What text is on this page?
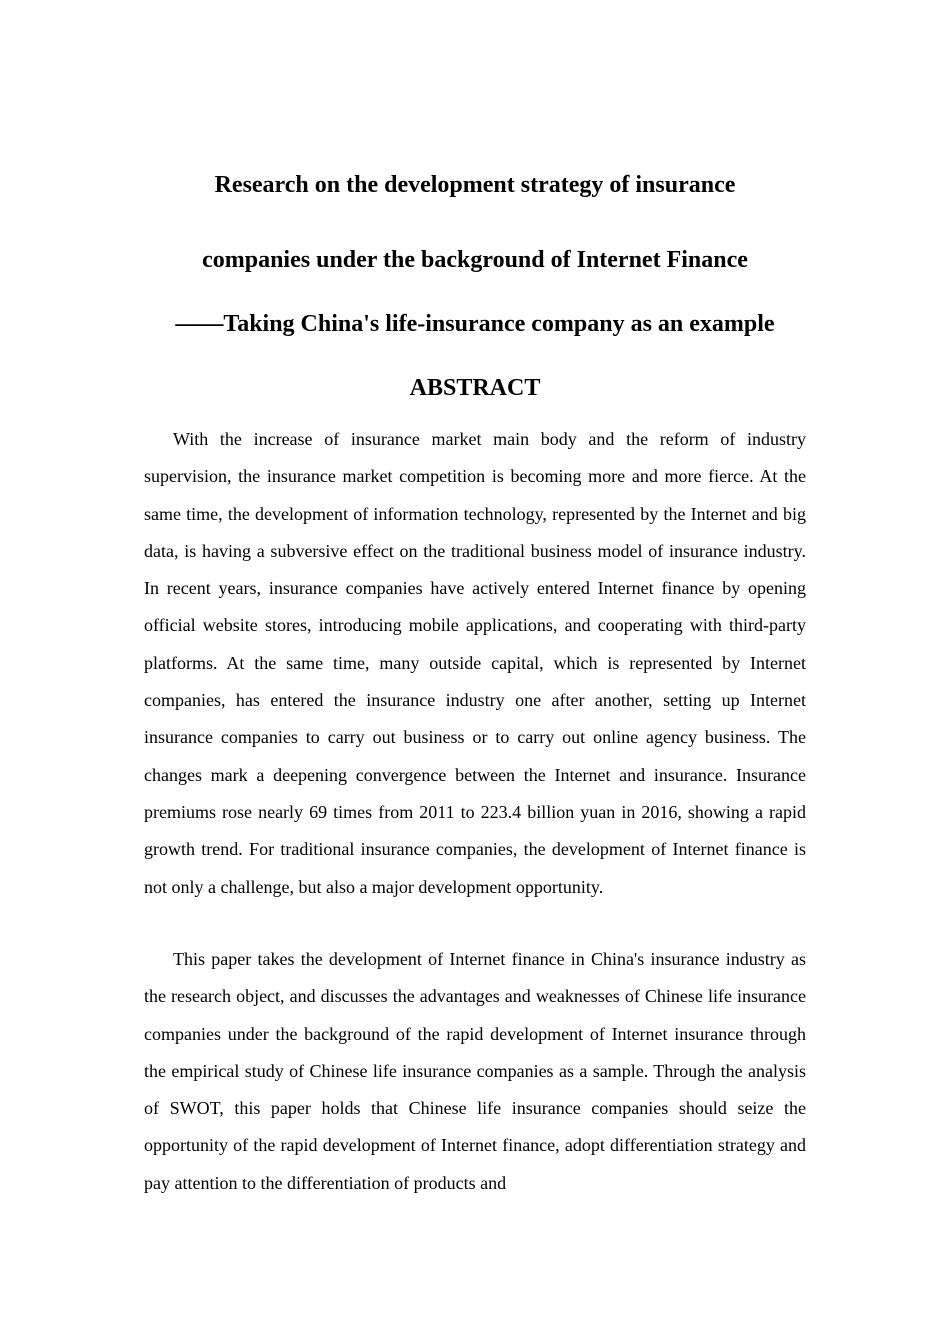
Research on the development strategy of insurance
companies under the background of Internet Finance
——Taking China's life-insurance company as an example
ABSTRACT

With the increase of insurance market main body and the reform of industry supervision, the insurance market competition is becoming more and more fierce. At the same time, the development of information technology, represented by the Internet and big data, is having a subversive effect on the traditional business model of insurance industry. In recent years, insurance companies have actively entered Internet finance by opening official website stores, introducing mobile applications, and cooperating with third-party platforms. At the same time, many outside capital, which is represented by Internet companies, has entered the insurance industry one after another, setting up Internet insurance companies to carry out business or to carry out online agency business. The changes mark a deepening convergence between the Internet and insurance. Insurance premiums rose nearly 69 times from 2011 to 223.4 billion yuan in 2016, showing a rapid growth trend. For traditional insurance companies, the development of Internet finance is not only a challenge, but also a major development opportunity.

This paper takes the development of Internet finance in China's insurance industry as the research object, and discusses the advantages and weaknesses of Chinese life insurance companies under the background of the rapid development of Internet insurance through the empirical study of Chinese life insurance companies as a sample. Through the analysis of SWOT, this paper holds that Chinese life insurance companies should seize the opportunity of the rapid development of Internet finance, adopt differentiation strategy and pay attention to the differentiation of products and
